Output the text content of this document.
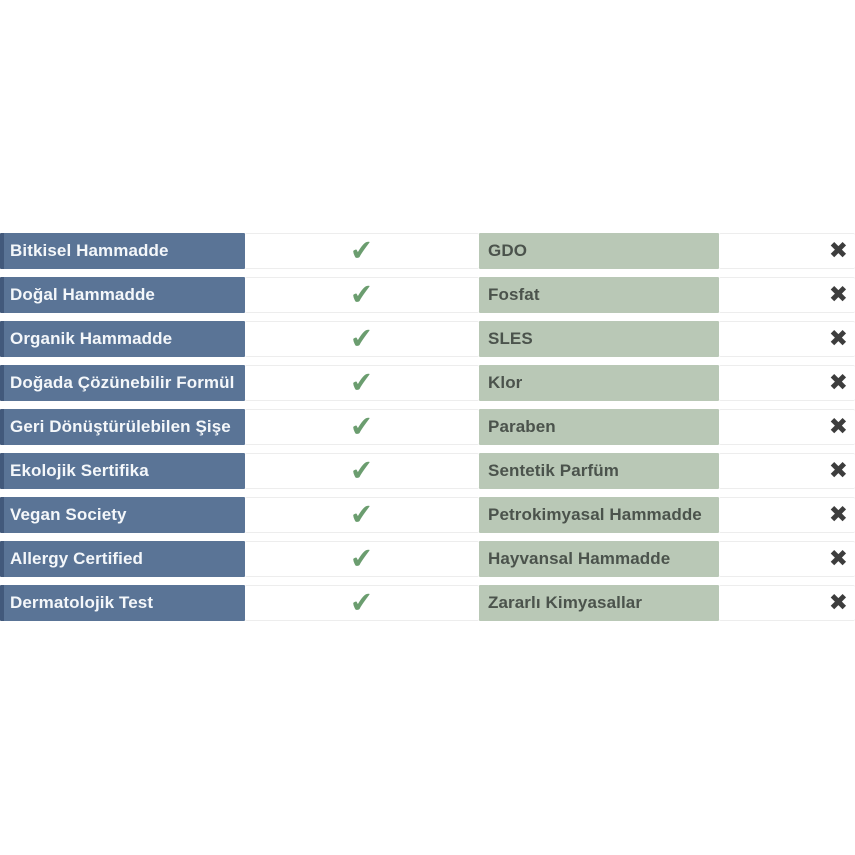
Bitkisel Hammadde	✔	GDO	✖
Doğal Hammadde	✔	Fosfat	✖
Organik Hammadde	✔	SLES	✖
Doğada Çözünebilir Formül	✔	Klor	✖
Geri Dönüştürülebilen Şişe	✔	Paraben	✖
Ekolojik Sertifika	✔	Sentetik Parfüm	✖
Vegan Society	✔	Petrokimyasal Hammadde	✖
Allergy Certified	✔	Hayvansal Hammadde	✖
Dermatolojik Test	✔	Zararlı Kimyasallar	✖
